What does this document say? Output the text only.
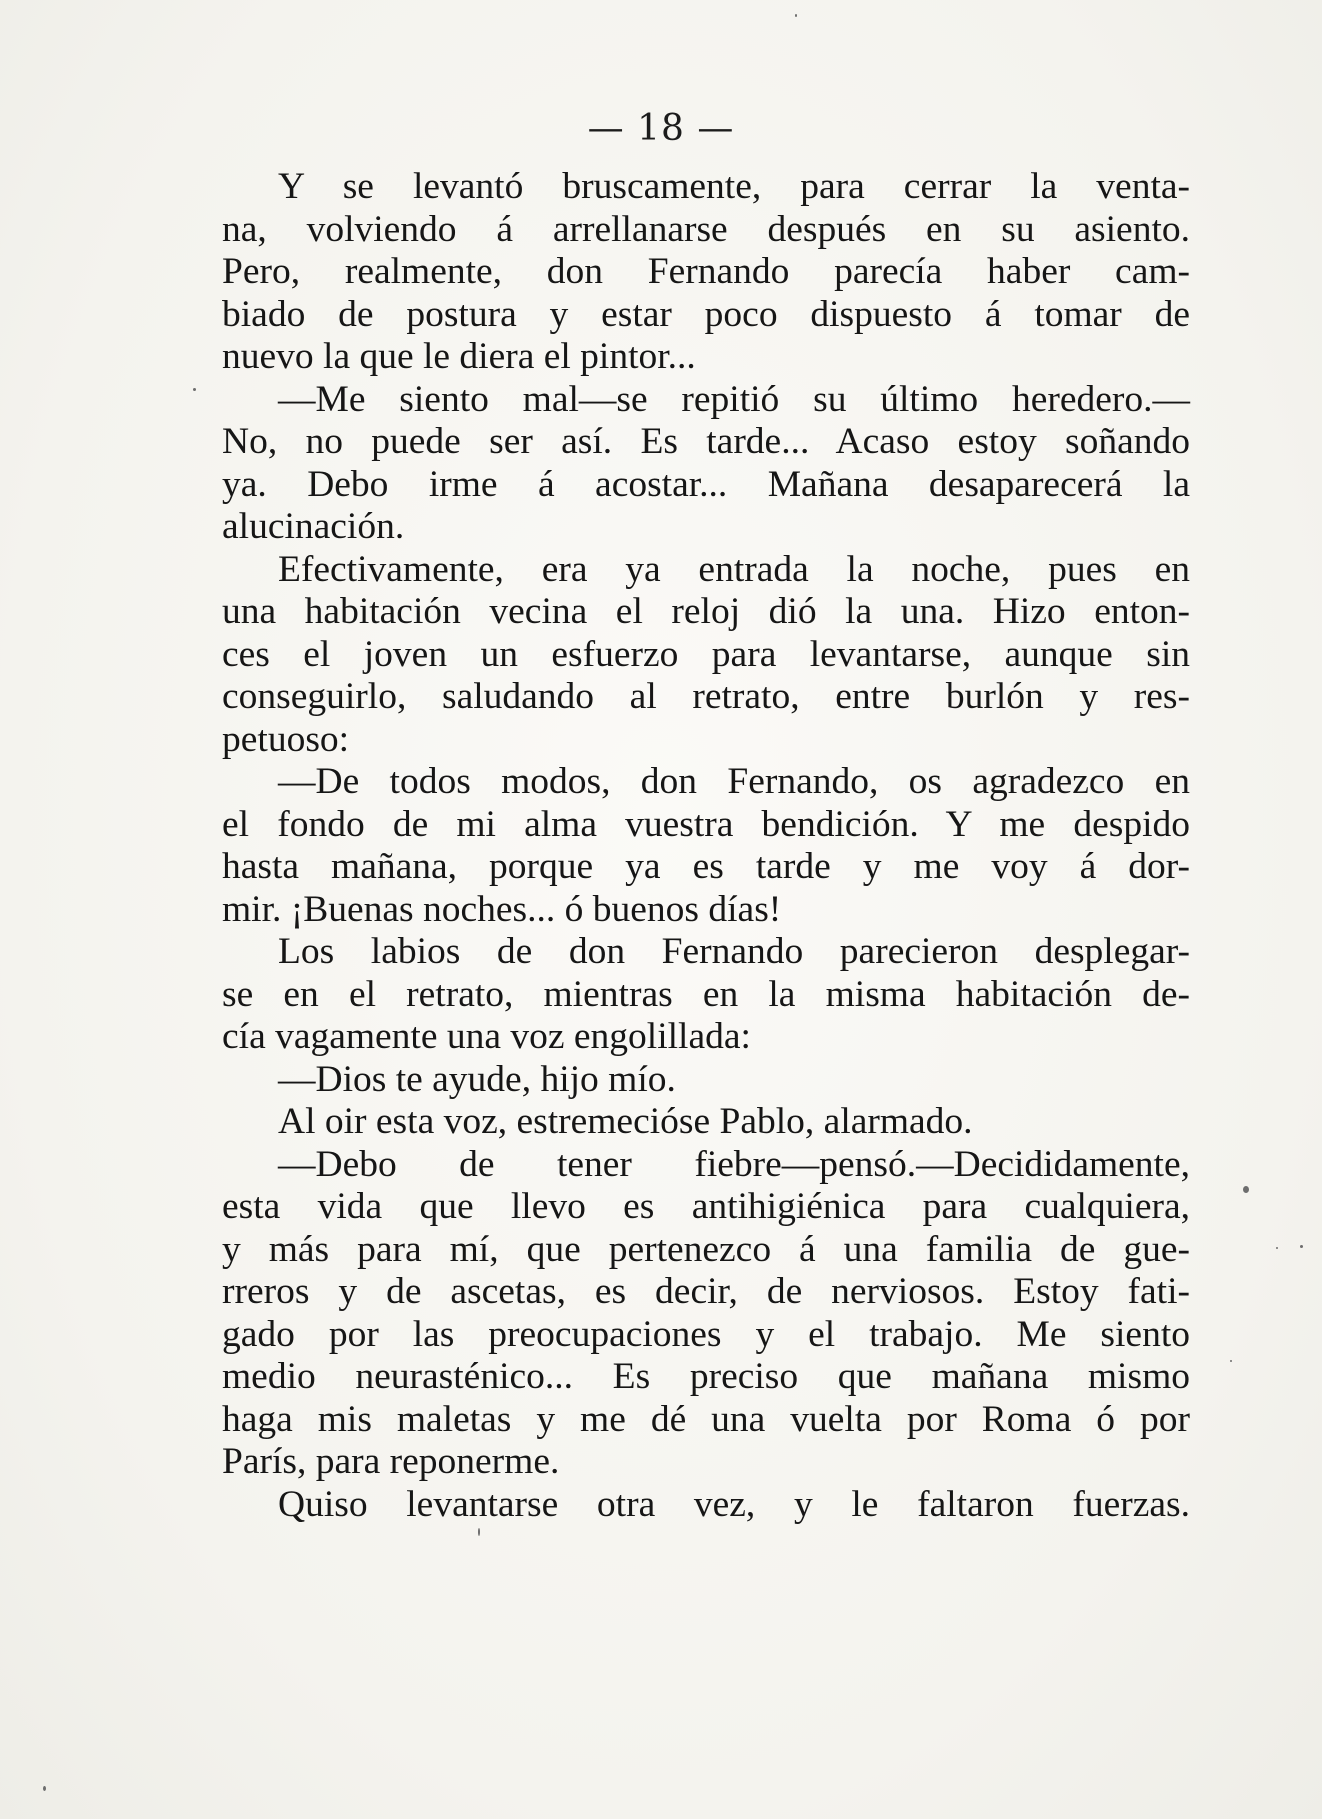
— 18 —
Y se levantó bruscamente, para cerrar la venta-
na, volviendo á arrellanarse después en su asiento.
Pero, realmente, don Fernando parecía haber cam-
biado de postura y estar poco dispuesto á tomar de
nuevo la que le diera el pintor...
—Me siento mal—se repitió su último heredero.—
No, no puede ser así. Es tarde... Acaso estoy soñando
ya. Debo irme á acostar... Mañana desaparecerá la
alucinación.
Efectivamente, era ya entrada la noche, pues en
una habitación vecina el reloj dió la una. Hizo enton-
ces el joven un esfuerzo para levantarse, aunque sin
conseguirlo, saludando al retrato, entre burlón y res-
petuoso:
—De todos modos, don Fernando, os agradezco en
el fondo de mi alma vuestra bendición. Y me despido
hasta mañana, porque ya es tarde y me voy á dor-
mir. ¡Buenas noches... ó buenos días!
Los labios de don Fernando parecieron desplegar-
se en el retrato, mientras en la misma habitación de-
cía vagamente una voz engolillada:
—Dios te ayude, hijo mío.
Al oir esta voz, estremecióse Pablo, alarmado.
—Debo de tener fiebre—pensó.—Decididamente,
esta vida que llevo es antihigiénica para cualquiera,
y más para mí, que pertenezco á una familia de gue-
rreros y de ascetas, es decir, de nerviosos. Estoy fati-
gado por las preocupaciones y el trabajo. Me siento
medio neurasténico... Es preciso que mañana mismo
haga mis maletas y me dé una vuelta por Roma ó por
París, para reponerme.
Quiso levantarse otra vez, y le faltaron fuerzas.
